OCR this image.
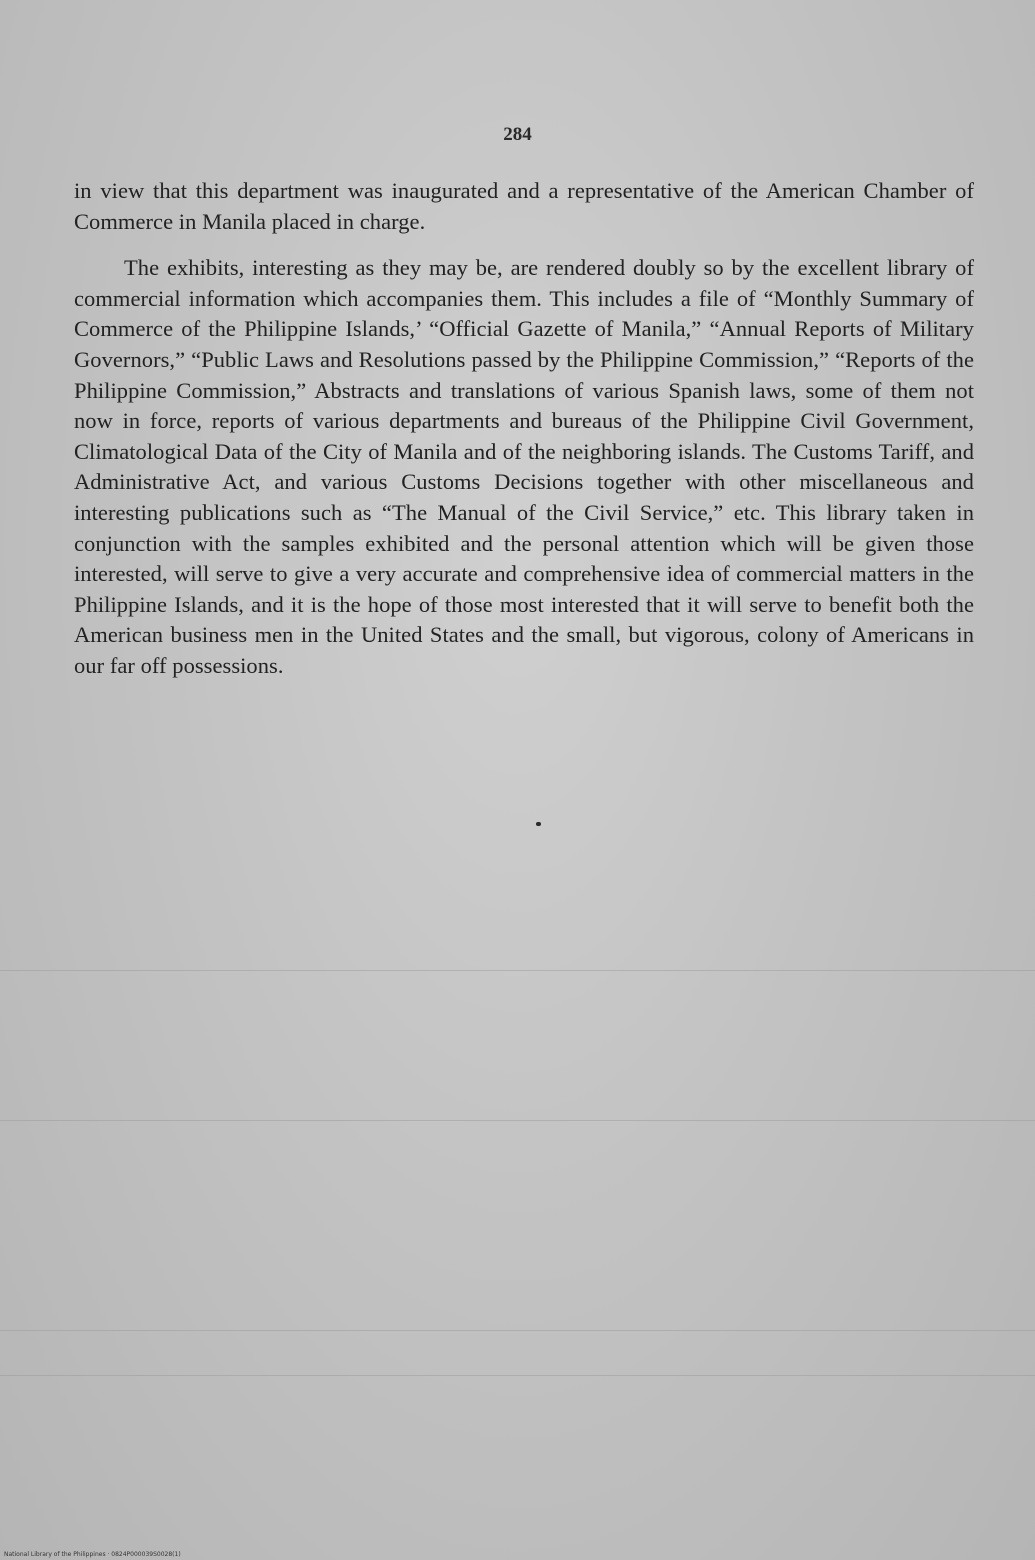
284

in view that this department was inaugurated and a representative of the American Chamber of Commerce in Manila placed in charge.

The exhibits, interesting as they may be, are rendered doubly so by the excellent library of commercial information which accompanies them. This includes a file of “Monthly Summary of Commerce of the Philippine Islands,’ “Official Gazette of Manila,” “Annual Reports of Military Governors,” “Public Laws and Resolutions passed by the Philippine Commission,” “Reports of the Philippine Commission,” Abstracts and translations of various Spanish laws, some of them not now in force, reports of various departments and bureaus of the Philippine Civil Government, Climatological Data of the City of Manila and of the neighboring islands. The Customs Tariff, and Administrative Act, and various Customs Decisions together with other miscellaneous and interesting publications such as “The Manual of the Civil Service,” etc. This library taken in conjunction with the samples exhibited and the personal attention which will be given those interested, will serve to give a very accurate and comprehensive idea of commercial matters in the Philippine Islands, and it is the hope of those most interested that it will serve to benefit both the American business men in the United States and the small, but vigorous, colony of Americans in our far off possessions.

National Library of the Philippines · 0824P000039S0028(1)
